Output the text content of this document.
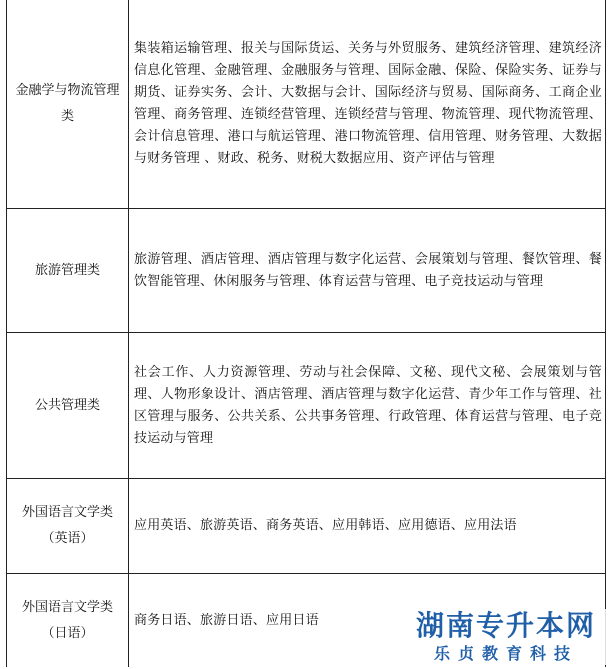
金融学与物流管理类	集装箱运输管理、报关与国际货运、关务与外贸服务、建筑经济管理、建筑经济信息化管理、金融管理、金融服务与管理、国际金融、保险、保险实务、证券与期货、证券实务、会计、大数据与会计、国际经济与贸易、国际商务、工商企业管理、商务管理、连锁经营管理、连锁经营与管理、物流管理、现代物流管理、会计信息管理、港口与航运管理、港口物流管理、信用管理、财务管理、大数据与财务管理 、财政、税务、财税大数据应用、资产评估与管理
旅游管理类	旅游管理、酒店管理、酒店管理与数字化运营、会展策划与管理、餐饮管理、餐饮智能管理、休闲服务与管理、体育运营与管理、电子竞技运动与管理
公共管理类	社会工作、人力资源管理、劳动与社会保障、文秘、现代文秘、会展策划与管理、人物形象设计、酒店管理、酒店管理与数字化运营、青少年工作与管理、社区管理与服务、公共关系、公共事务管理、行政管理、体育运营与管理、电子竞技运动与管理
外国语言文学类（英语）	应用英语、旅游英语、商务英语、应用韩语、应用德语、应用法语
外国语言文学类（日语）	商务日语、旅游日语、应用日语	湖南专升本网
乐贞教育科技
